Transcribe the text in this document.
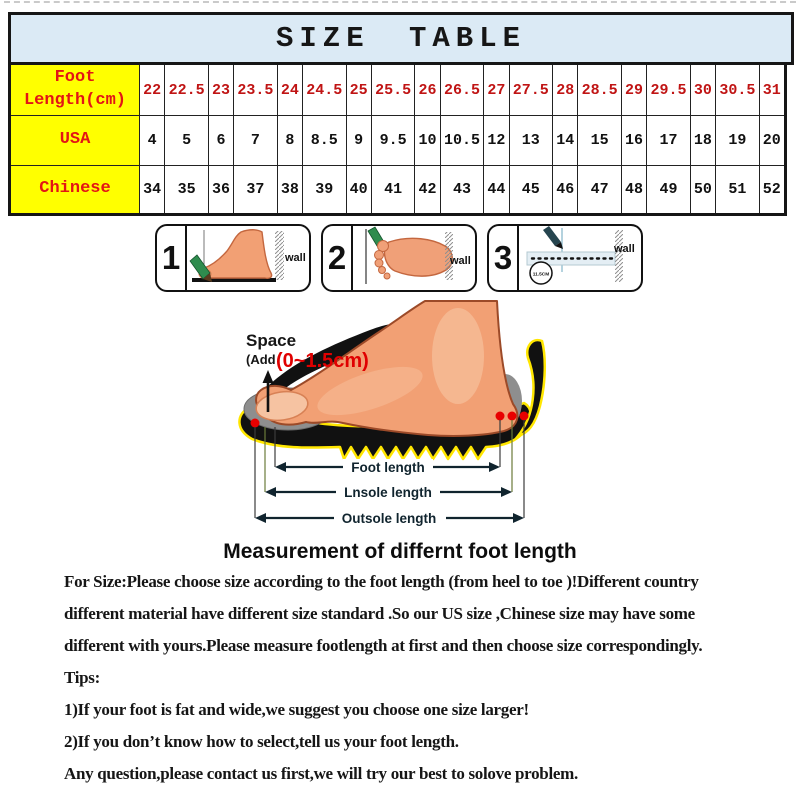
SIZE TABLE
Foot Length(cm)	22	22.5	23	23.5	24	24.5	25	25.5	26	26.5	27	27.5	28	28.5	29	29.5	30	30.5	31
USA	4	5	6	7	8	8.5	9	9.5	10	10.5	12	13	14	15	16	17	18	19	20
Chinese	34	35	36	37	38	39	40	41	42	43	44	45	46	47	48	49	50	51	52
1	wall 2	wall 3	11.5CM
wall
Foot length
Lnsole length
Outsole length
Space
(Add (0~1.5cm)
Measurement of differnt foot length
For Size:Please choose size according to the foot length (from heel to toe )!Different country
different material have different size standard .So our US size ,Chinese size may have some
different with yours.Please measure footlength at first and then choose size correspondingly.
Tips:
1)If your foot is fat and wide,we suggest you choose one size larger!
2)If you don’t know how to select,tell us your foot length.
Any question,please contact us first,we will try our best to solove problem.
